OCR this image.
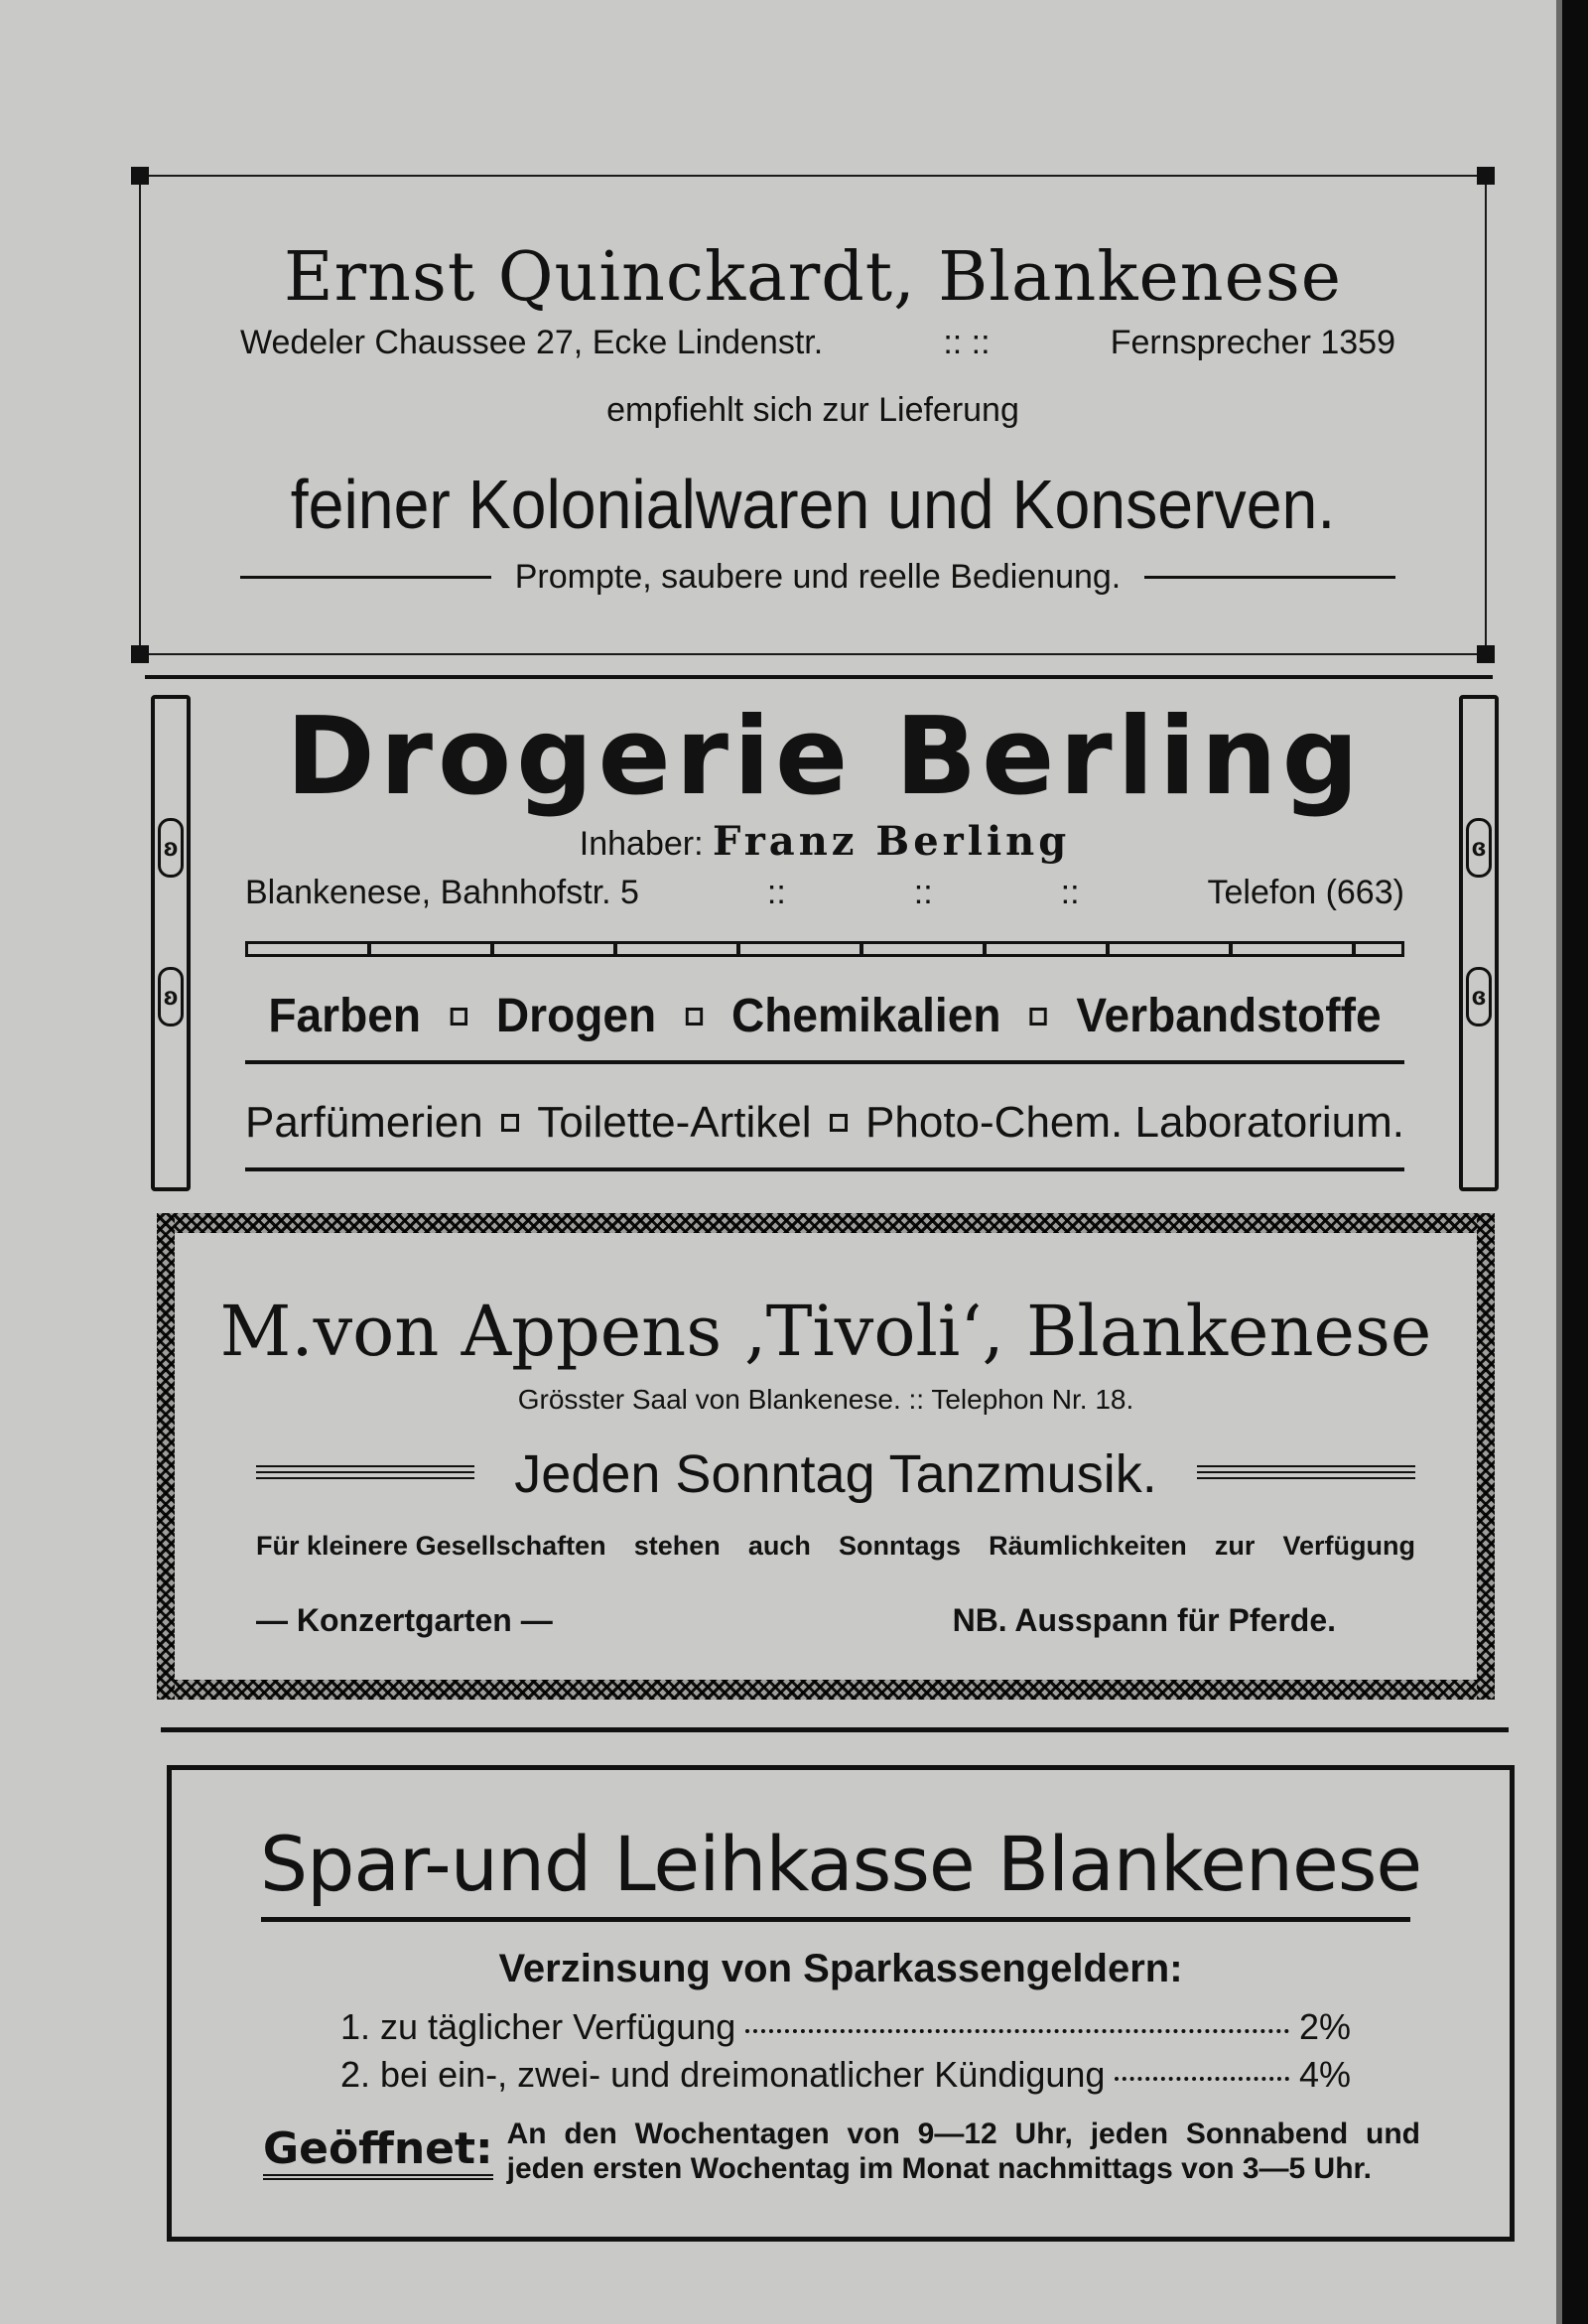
Ernst Quinckardt, Blankenese
Wedeler Chaussee 27, Ecke Lindenstr.	:: ::	Fernsprecher 1359
empfiehlt sich zur Lieferung
feiner Kolonialwaren und Konserven.
Prompte, saubere und reelle Bedienung.
ʚ
ʚ
ɞ
ɞ
Drogerie Berling
Inhaber: Franz Berling
Blankenese, Bahnhofstr. 5	::	::	::	Telefon (663)
Farben Drogen Chemikalien Verbandstoffe
Parfümerien Toilette-Artikel Photo-Chem. Laboratorium.
M.von Appens ‚Tivoli‘, Blankenese
Grösster Saal von Blankenese. :: Telephon Nr. 18.
Jeden Sonntag Tanzmusik.
Für kleinere Gesellschaften stehen auch Sonntags Räumlichkeiten zur Verfügung
— Konzertgarten —	NB. Ausspann für Pferde.
Spar-und Leihkasse Blankenese
Verzinsung von Sparkassengeldern:
1. zu täglicher Verfügung	2%
2. bei ein-, zwei- und dreimonatlicher Kündigung	4%
Geöffnet: An den Wochentagen von 9—12 Uhr, jeden Sonnabend und jeden ersten Wochentag im Monat nachmittags von 3—5 Uhr.
